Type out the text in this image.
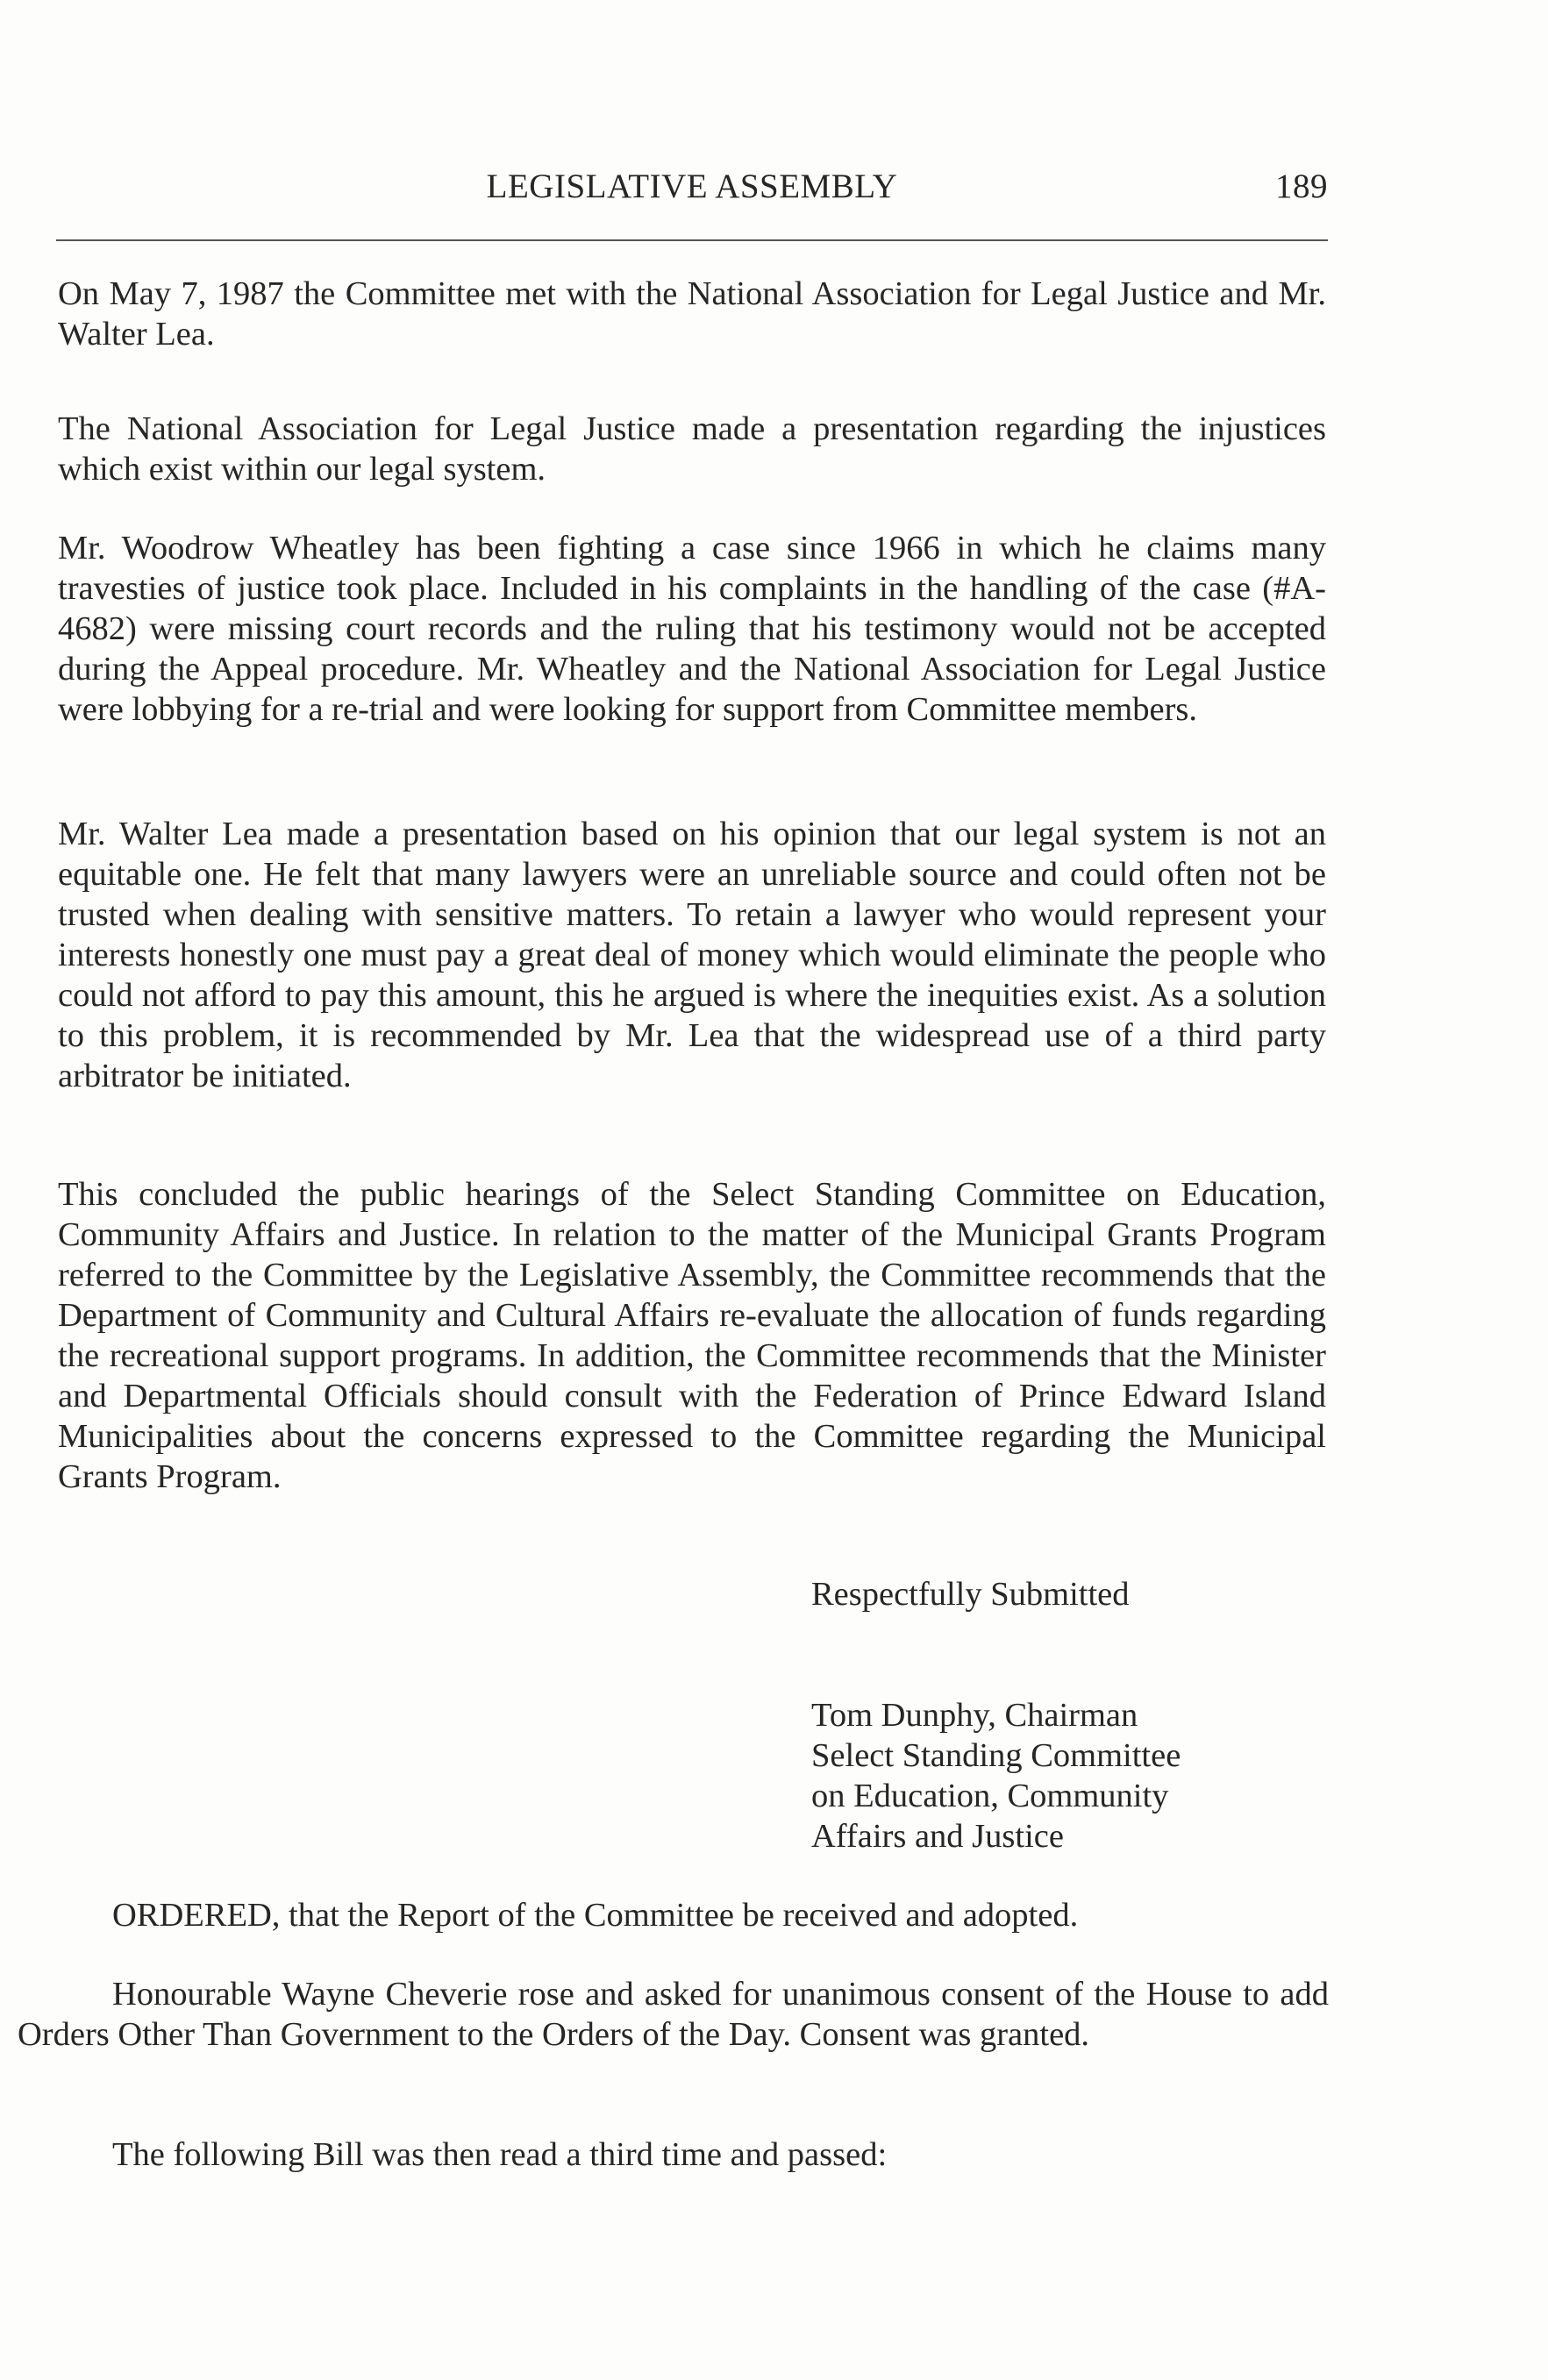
LEGISLATIVE ASSEMBLY	189

On May 7, 1987 the Committee met with the National Association for Legal Justice and Mr. Walter Lea.

The National Association for Legal Justice made a presentation regarding the injustices which exist within our legal system.

Mr. Woodrow Wheatley has been fighting a case since 1966 in which he claims many travesties of justice took place. Included in his complaints in the handling of the case (#A-4682) were missing court records and the ruling that his testimony would not be accepted during the Appeal procedure. Mr. Wheatley and the National Association for Legal Justice were lobbying for a re-trial and were looking for support from Committee members.

Mr. Walter Lea made a presentation based on his opinion that our legal system is not an equitable one. He felt that many lawyers were an unreliable source and could often not be trusted when dealing with sensitive matters. To retain a lawyer who would represent your interests honestly one must pay a great deal of money which would eliminate the people who could not afford to pay this amount, this he argued is where the inequities exist. As a solution to this problem, it is recommended by Mr. Lea that the widespread use of a third party arbitrator be initiated.

This concluded the public hearings of the Select Standing Committee on Education, Community Affairs and Justice. In relation to the matter of the Municipal Grants Program referred to the Committee by the Legislative Assembly, the Committee recommends that the Department of Community and Cultural Affairs re-evaluate the allocation of funds regarding the recreational support programs. In addition, the Committee recommends that the Minister and Departmental Officials should consult with the Federation of Prince Edward Island Municipalities about the concerns expressed to the Committee regarding the Municipal Grants Program.

Respectfully Submitted
Tom Dunphy, Chairman
Select Standing Committee
on Education, Community
Affairs and Justice

ORDERED, that the Report of the Committee be received and adopted.

Honourable Wayne Cheverie rose and asked for unanimous consent of the House to add Orders Other Than Government to the Orders of the Day. Consent was granted.

The following Bill was then read a third time and passed:
